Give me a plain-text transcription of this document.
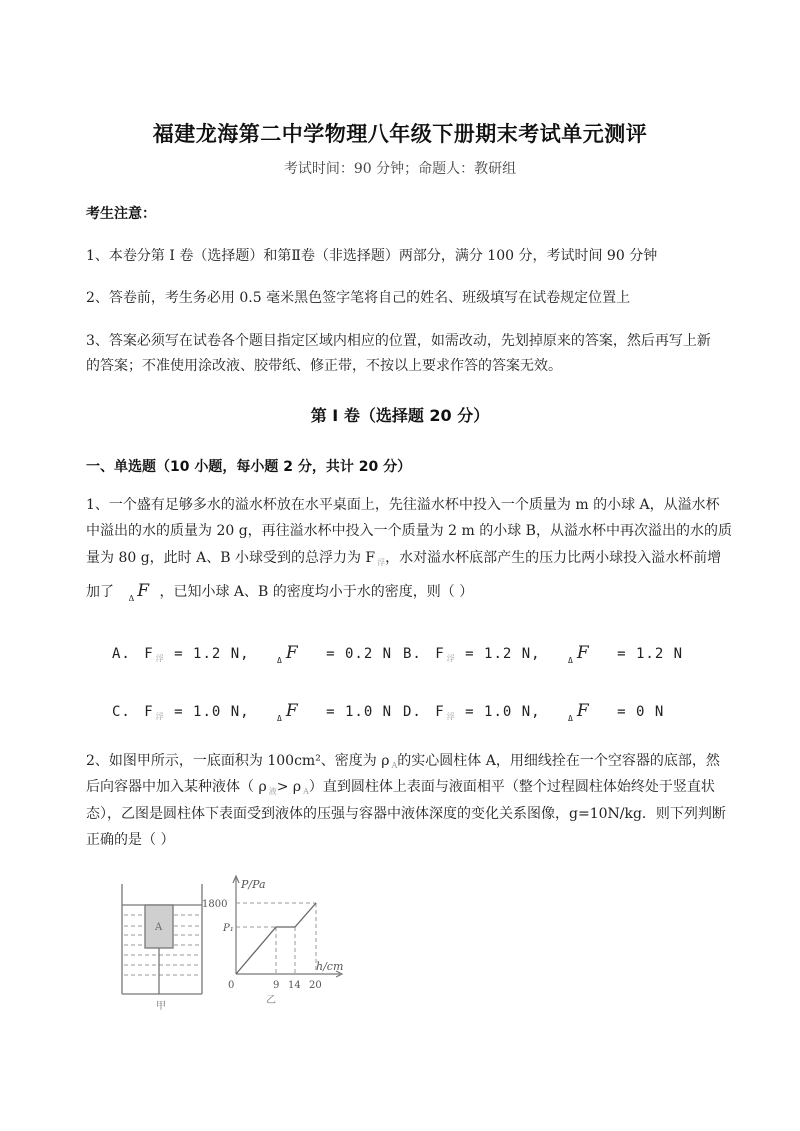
福建龙海第二中学物理八年级下册期末考试单元测评
考试时间：90 分钟；命题人：教研组
考生注意：
1、本卷分第 I 卷（选择题）和第Ⅱ卷（非选择题）两部分，满分 100 分，考试时间 90 分钟
2、答卷前，考生务必用 0.5 毫米黑色签字笔将自己的姓名、班级填写在试卷规定位置上
3、答案必须写在试卷各个题目指定区域内相应的位置，如需改动，先划掉原来的答案，然后再写上新
的答案；不准使用涂改液、胶带纸、修正带，不按以上要求作答的答案无效。
第 I 卷（选择题 20 分）
一、单选题（10 小题，每小题 2 分，共计 20 分）
1、一个盛有足够多水的溢水杯放在水平桌面上，先往溢水杯中投入一个质量为 m 的小球 A，从溢水杯
中溢出的水的质量为 20 g，再往溢水杯中投入一个质量为 2 m 的小球 B，从溢水杯中再次溢出的水的质
量为 80 g，此时 A、B 小球受到的总浮力为 F $_浮$，水对溢水杯底部产生的压力比两小球投入溢水杯前增
加了 $_\Delta$ F ，已知小球 A、B 的密度均小于水的密度，则（ ）
A. F $_浮$ = 1.2 N,	$_\Delta$ F = 0.2 N B. F $_浮$ = 1.2 N,	$_\Delta$ F = 1.2 N
C. F $_浮$ = 1.0 N,	$_\Delta$ F = 1.0 N D. F $_浮$ = 1.0 N,	$_\Delta$ F = 0 N
2、如图甲所示，一底面积为 100cm²、密度为 ρ $_A$的实心圆柱体 A，用细线拴在一个空容器的底部，然
后向容器中加入某种液体（ ρ $_液$> ρ $_A$）直到圆柱体上表面与液面相平（整个过程圆柱体始终处于竖直状
态），乙图是圆柱体下表面受到液体的压强与容器中液体深度的变化关系图像，g=10N/kg．则下列判断
正确的是（ ）
A
甲
P/Pa
h/cm
1800
P₁
0	9 14 20
乙
